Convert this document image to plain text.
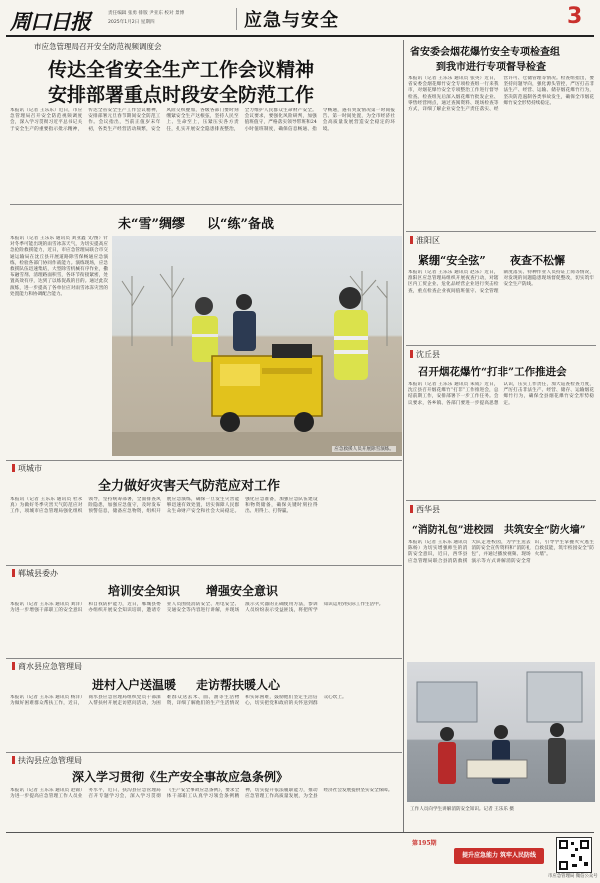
周口日报	责任编辑 张勇 排版 尹亚东 校对 景博
2025年1月2日 星期四	应急与安全	3
市应急管理局召开安全防范视频调度会
传达全省安全生产工作会议精神
安排部署重点时段安全防范工作
本报讯（记者 王乐乐）近日，市应急管理局召开安全防范视频调度会，深入学习贯彻习近平总书记关于安全生产的重要指示批示精神，传达全省安全生产工作会议精神，安排部署元旦春节期间安全防范工作。会议指出，当前正值岁末年初，各类生产经营活动频繁，安全风险交织叠加，各级各部门要时刻绷紧安全生产这根弦，坚持人民至上、生命至上，压紧压实各方责任，扎实开展安全隐患排查整治，全力维护人民群众生命财产安全。会议要求，要强化风险研判，加强值班值守，严格落实领导带班和24小时值班制度，确保信息畅通、指令畅通，遇有突发情况第一时间报告、第一时间处置，为全市经济社会高质量发展营造安全稳定的环境。
未“雪”绸缪 以“练”备战
本报讯（记者 王乐乐 通讯员 刘亚鑫 文/图）针对冬季可能出现的雨雪冰冻天气，为切实提高应急抢险救援能力，近日，市应急管理局联合市交通运输局在沈丘县开展道路除雪保畅通应急演练，检验各部门协同作战能力。演练现场，应急救援队伍迅速集结，大型除雪机械有序作业，撒布融雪剂、清理路面积雪，各环节衔接紧密，处置高效有序，达到了以练促战的目的。通过此次演练，进一步提高了各单位应对雨雪冰冻灾害的处置能力和协调配合能力。
应急救援人员开展除雪演练。
项城市
全力做好灾害天气防范应对工作
本报讯（记者 王乐乐 通讯员 杜永真）为做好冬季灾害天气防范应对工作，项城市应急管理局强化组织领导，坚持统筹部署，全面排查风险隐患，加强应急值守，及时发布预警信息，储备应急物资，组织开展应急演练，确保一旦发生灾害能够迅速有效处置，切实保障人民群众生命财产安全和社会大局稳定。强化应急准备，加强应急队伍建设和物资储备，确保关键时刻拉得出、用得上、打得赢。
郸城县委办
培训安全知识 增强安全意识
本报讯（记者 王乐乐 通讯员 刘洋）为进一步增强干部职工的安全意识和自我防护能力，近日，郸城县委办组织开展安全知识培训，邀请专业人员围绕消防安全、用电安全、交通安全等内容进行讲解，并现场演示灭火器的正确使用方法，参训人员纷纷表示受益匪浅，将把所学知识运用到实际工作生活中。
商水县应急管理局
进村入户送温暖 走访帮扶暖人心
本报讯（记者 王乐乐 通讯员 杨洋）为做好困难群众帮扶工作，近日，商水县应急管理局组织党员干部深入帮扶村开展走访慰问活动，为困难群众送去米、面、油等生活物资，详细了解他们的生产生活情况和实际困难，鼓励他们坚定生活信心，切实把党和政府的关怀送到群众心坎上。
扶沟县应急管理局
深入学习贯彻《生产安全事故应急条例》
本报讯（记者 王乐乐 通讯员 赵锦）为进一步提高应急管理工作人员业务水平，近日，扶沟县应急管理局召开专题学习会，深入学习贯彻《生产安全事故应急条例》，要求全体干部职工认真学习领会条例精神，切实提升依法履职能力，推动应急管理工作高质量发展，为全县经济社会发展提供坚实安全保障。
省安委会烟花爆竹安全专项检查组
到我市进行专项督导检查
本报讯（记者 王乐乐 通讯员 张英）近日，省安委会烟花爆竹安全专项检查组一行来我市，对烟花爆竹安全专项整治工作进行督导检查。检查组先后深入烟花爆竹批发企业、零售经营网点，通过查阅资料、现场检查等方式，详细了解企业安全生产责任落实、经营许可、仓储管理等情况。检查组指出，要坚持问题导向，强化源头管控，严厉打击非法生产、经营、运输、储存烟花爆竹行为，坚决防范遏制各类事故发生，确保全市烟花爆竹安全形势持续稳定。
淮阳区
紧绷“安全弦” 夜查不松懈
本报讯（记者 王乐乐 通讯员 赵乐）近日，淮阳区应急管理局组织开展夜查行动，对辖区内工贸企业、危化品经营企业进行突击检查，重点检查企业夜间值班值守、安全管理制度落实、特种作业人员持证上岗等情况，对发现的问题隐患现场督促整改，切实筑牢安全生产防线。
沈丘县
召开烟花爆竹“打非”工作推进会
本报讯（记者 王乐乐 通讯员 朱成）近日，沈丘县召开烟花爆竹“打非”工作推进会，总结前期工作，安排部署下一步工作任务。会议要求，各乡镇、各部门要进一步提高思想认识，压实工作责任，加大巡查检查力度，严厉打击非法生产、经营、储存、运输烟花爆竹行为，确保全县烟花爆竹安全形势稳定。
西华县
“消防礼包”进校园 共筑安全“防火墙”
本报讯（记者 王乐乐 通讯员 陈杨）为切实增强师生的消防安全意识，近日，西华县应急管理局联合县消防救援大队走进校园，为学生送去消防安全宣传资料和“消防礼包”，并通过播放视频、现场演示等方式讲解消防安全常识，引导学生掌握火灾逃生自救技能，筑牢校园安全“防火墙”。
工作人员向学生讲解消防安全知识。记者 王乐乐 摄
第195期
提升应急能力 筑牢人民防线
市应急管理局 微信公众号
